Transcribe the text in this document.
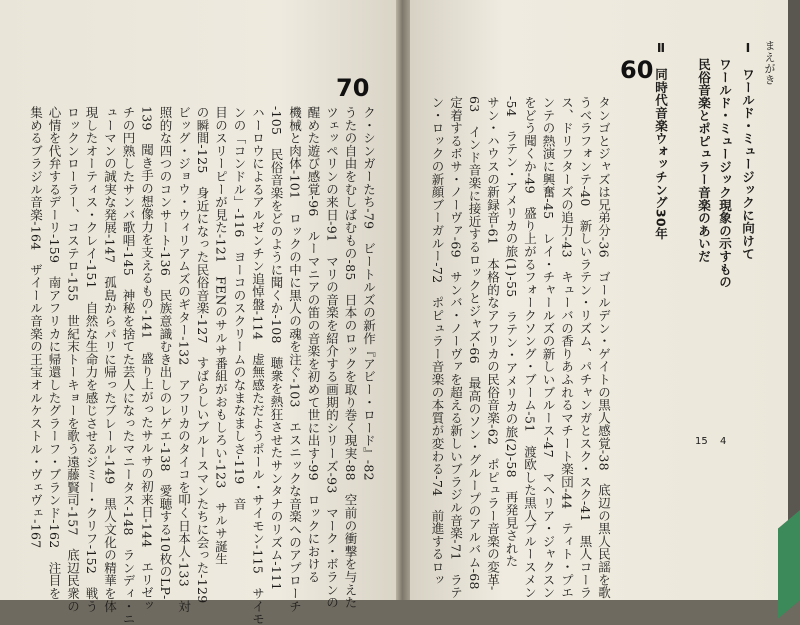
70
ク・シンガーたち‐79　ビートルズの新作『アビー・ロード』‐82
うたの自由をむしばむもの‐85　日本のロックを取り巻く現実‐88　空前の衝撃を与えた
ツェッペリンの来日‐91　マリの音楽を紹介する画期的シリーズ‐93　マーク・ボランの
醒めた遊び感覚‐96　ルーマニアの笛の音楽を初めて世に出す‐99　ロックにおける
機械と肉体‐101　ロックの中に黒人の魂を注ぐ‐103　エスニックな音楽へのアプローチ
‐105　民俗音楽をどのように聞くか‐108　聴衆を熱狂させたサンタナのリズム‐111
ハーロウによるアルゼンチン追悼盤‐114　虚無感ただようポール・サイモン‐115　サイモ
ンの「コンドル」‐116　ヨーコのスクリームのなまなましさ‐119　音
目のスリーピーが見た‐121　FENのサルサ番組がおもしろい‐123　サルサ誕生
の瞬間‐125　身近になった民俗音楽‐127　すばらしいブルースマンたちに会った‐129
ビッグ・ジョウ・ウィリアムズのギター‐132　アフリカのタイコを叩く日本人‐133　対
照的な四つのコンサート‐136　民族意識むき出しのレゲエ‐138　愛聴する10枚のLP‐
139　聞き手の想像力を支えるもの‐141　盛り上がったサルサの初来日‐144　エリゼッ
チの円熟したサンバ歌唱‐145　神秘を捨てた芸人になったマニータス‐148　ランディ・ニ
ューマンの誠実な発展‐147　孤島からパリに帰ったブレール‐149　黒人文化の精華を体
現したオーティス・クレイ‐151　自然な生命力を感じさせるジミー・クリフ‐152　戦う
ロックンローラー、コステロ‐155　世紀末トーキョーを歌う遠藤賢司‐157　底辺民衆の
心情を代弁するデーリ‐159　南アフリカに帰還したグラーフ・ブランド‐162　注目を
集めるブラジル音楽‐164　ザイール音楽の王宝オルケストル・ヴェヴェ‐167
まえがき
Ⅰ　ワールド・ミュージックに向けて
ワールド・ミュージック現象の示すもの
4
民俗音楽とポピュラー音楽のあいだ
15
Ⅱ　同時代音楽ウォッチング30年
60
タンゴとジャズは兄弟分‐36　ゴールデン・ゲイトの黒人感覚‐38　底辺の黒人民謡を歌
うベラフォンテ‐40　新しいラテン・リズム、パチャンガとスク・スク‐41　黒人コーラ
ス、ドリフターズの追力‐43　キューバの香りあふれるマチート楽団‐44　ティト・プエ
ンテの熱演に興奮‐45　レイ・チャールズの新しいブルース‐47　マヘリア・ジャクスン
をどう聞くか‐49　盛り上がるフォークソング・ブーム‐51　渡欧した黒人ブルースメン
‐54　ラテン・アメリカの旅(1)‐55　ラテン・アメリカの旅(2)‐58　再発見された
サン・ハウスの新録音‐61　本格的なアフリカの民俗音楽‐62　ポピュラー音楽の変革‐
63　インド音楽に接近するロックとジャズ‐66　最高のソン・グループのアルバム‐68
定着するボサ・ノーヴァ‐69　サンバ・ノーヴァを超える新しいブラジル音楽‐71　ラテ
ン・ロックの新顔ブーガルー‐72　ポピュラー音楽の本質が変わる‐74　前進するロッ
